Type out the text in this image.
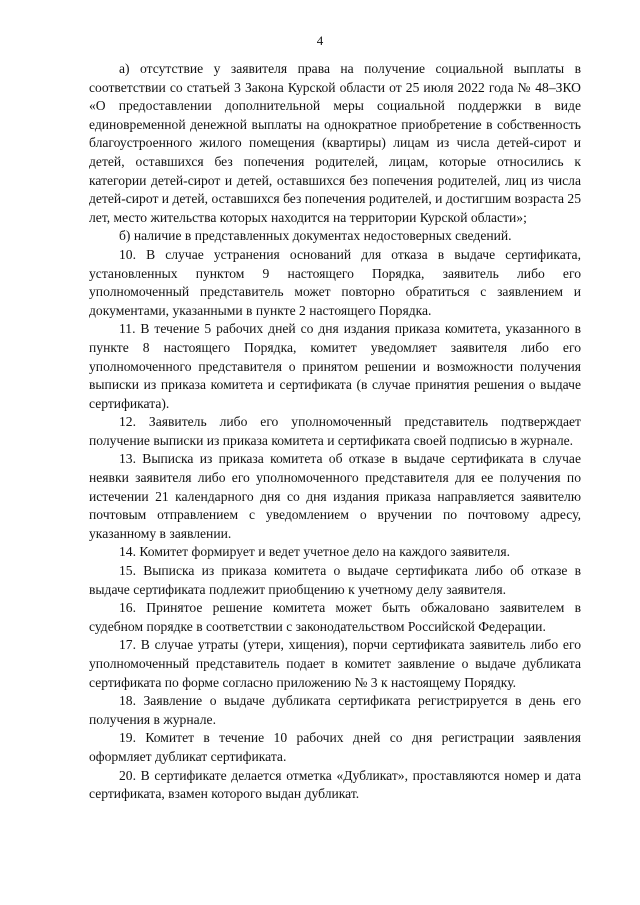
4

а) отсутствие у заявителя права на получение социальной выплаты в соответствии со статьей 3 Закона Курской области от 25 июля 2022 года № 48–ЗКО «О предоставлении дополнительной меры социальной поддержки в виде единовременной денежной выплаты на однократное приобретение в собственность благоустроенного жилого помещения (квартиры) лицам из числа детей-сирот и детей, оставшихся без попечения родителей, лицам, которые относились к категории детей-сирот и детей, оставшихся без попечения родителей, лиц из числа детей-сирот и детей, оставшихся без попечения родителей, и достигшим возраста 25 лет, место жительства которых находится на территории Курской области»;

б) наличие в представленных документах недостоверных сведений.

10. В случае устранения оснований для отказа в выдаче сертификата, установленных пунктом 9 настоящего Порядка, заявитель либо его уполномоченный представитель может повторно обратиться с заявлением и документами, указанными в пункте 2 настоящего Порядка.

11. В течение 5 рабочих дней со дня издания приказа комитета, указанного в пункте 8 настоящего Порядка, комитет уведомляет заявителя либо его уполномоченного представителя о принятом решении и возможности получения выписки из приказа комитета и сертификата (в случае принятия решения о выдаче сертификата).

12. Заявитель либо его уполномоченный представитель подтверждает получение выписки из приказа комитета и сертификата своей подписью в журнале.

13. Выписка из приказа комитета об отказе в выдаче сертификата в случае неявки заявителя либо его уполномоченного представителя для ее получения по истечении 21 календарного дня со дня издания приказа направляется заявителю почтовым отправлением с уведомлением о вручении по почтовому адресу, указанному в заявлении.

14. Комитет формирует и ведет учетное дело на каждого заявителя.

15. Выписка из приказа комитета о выдаче сертификата либо об отказе в выдаче сертификата подлежит приобщению к учетному делу заявителя.

16. Принятое решение комитета может быть обжаловано заявителем в судебном порядке в соответствии с законодательством Российской Федерации.

17. В случае утраты (утери, хищения), порчи сертификата заявитель либо его уполномоченный представитель подает в комитет заявление о выдаче дубликата сертификата по форме согласно приложению № 3 к настоящему Порядку.

18. Заявление о выдаче дубликата сертификата регистрируется в день его получения в журнале.

19. Комитет в течение 10 рабочих дней со дня регистрации заявления оформляет дубликат сертификата.

20. В сертификате делается отметка «Дубликат», проставляются номер и дата сертификата, взамен которого выдан дубликат.
